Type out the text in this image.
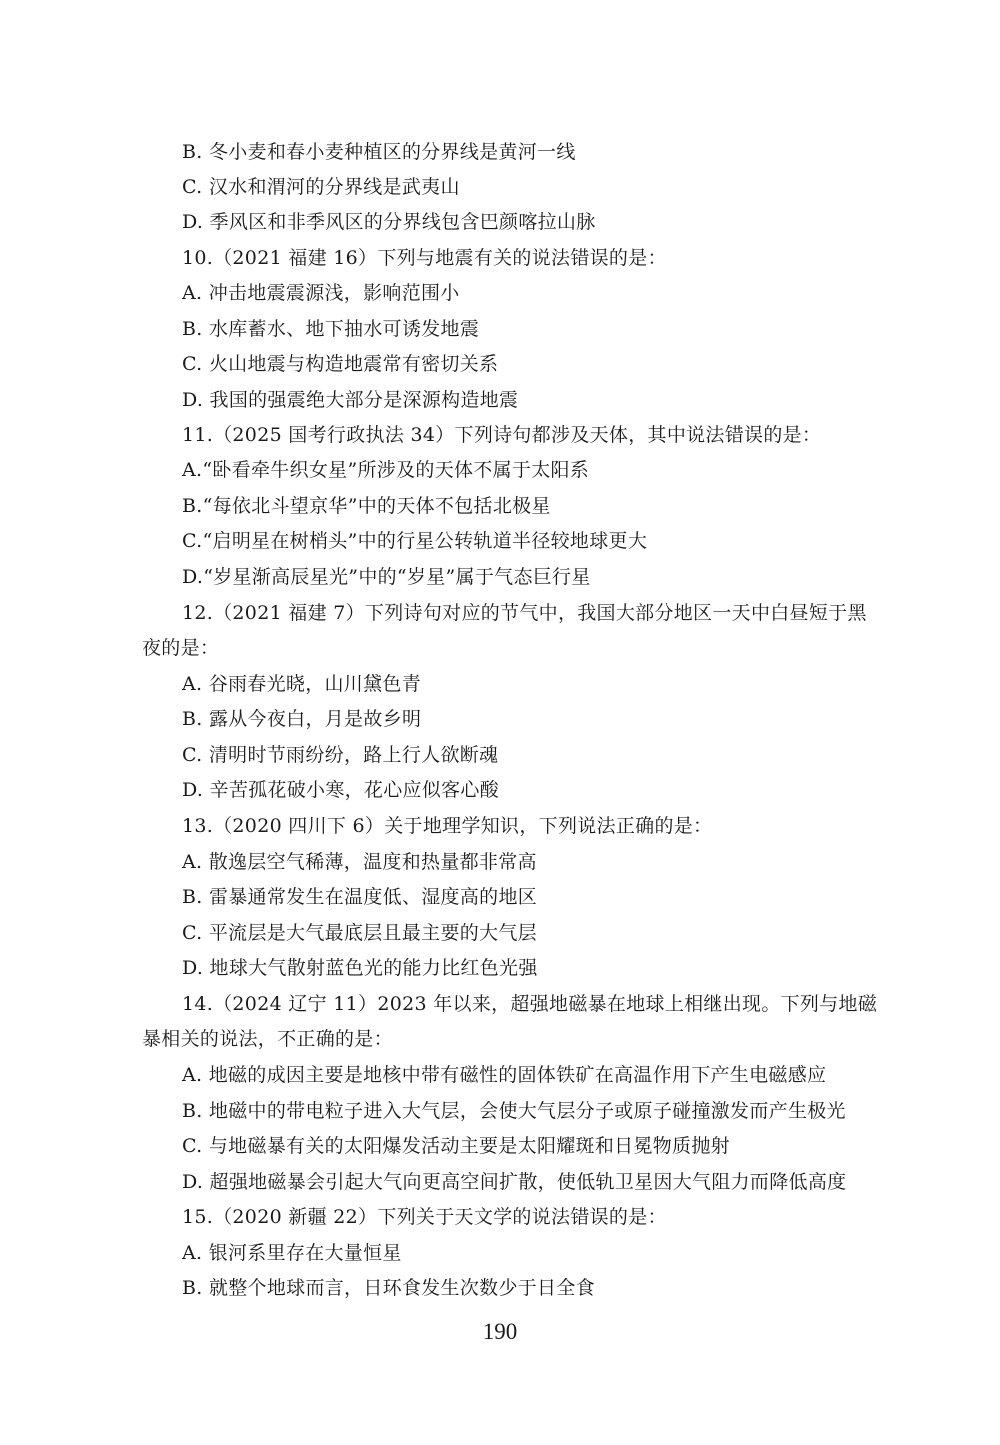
B. 冬小麦和春小麦种植区的分界线是黄河一线
C. 汉水和渭河的分界线是武夷山
D. 季风区和非季风区的分界线包含巴颜喀拉山脉
10.（2021 福建 16）下列与地震有关的说法错误的是：
A. 冲击地震震源浅，影响范围小
B. 水库蓄水、地下抽水可诱发地震
C. 火山地震与构造地震常有密切关系
D. 我国的强震绝大部分是深源构造地震
11.（2025 国考行政执法 34）下列诗句都涉及天体，其中说法错误的是：
A.“卧看牵牛织女星”所涉及的天体不属于太阳系
B.“每依北斗望京华”中的天体不包括北极星
C.“启明星在树梢头”中的行星公转轨道半径较地球更大
D.“岁星渐高辰星光”中的“岁星”属于气态巨行星
12.（2021 福建 7）下列诗句对应的节气中，我国大部分地区一天中白昼短于黑
夜的是：
A. 谷雨春光晓，山川黛色青
B. 露从今夜白，月是故乡明
C. 清明时节雨纷纷，路上行人欲断魂
D. 辛苦孤花破小寒，花心应似客心酸
13.（2020 四川下 6）关于地理学知识，下列说法正确的是：
A. 散逸层空气稀薄，温度和热量都非常高
B. 雷暴通常发生在温度低、湿度高的地区
C. 平流层是大气最底层且最主要的大气层
D. 地球大气散射蓝色光的能力比红色光强
14.（2024 辽宁 11）2023 年以来，超强地磁暴在地球上相继出现。下列与地磁
暴相关的说法，不正确的是：
A. 地磁的成因主要是地核中带有磁性的固体铁矿在高温作用下产生电磁感应
B. 地磁中的带电粒子进入大气层，会使大气层分子或原子碰撞激发而产生极光
C. 与地磁暴有关的太阳爆发活动主要是太阳耀斑和日冕物质抛射
D. 超强地磁暴会引起大气向更高空间扩散，使低轨卫星因大气阻力而降低高度
15.（2020 新疆 22）下列关于天文学的说法错误的是：
A. 银河系里存在大量恒星
B. 就整个地球而言，日环食发生次数少于日全食
190
